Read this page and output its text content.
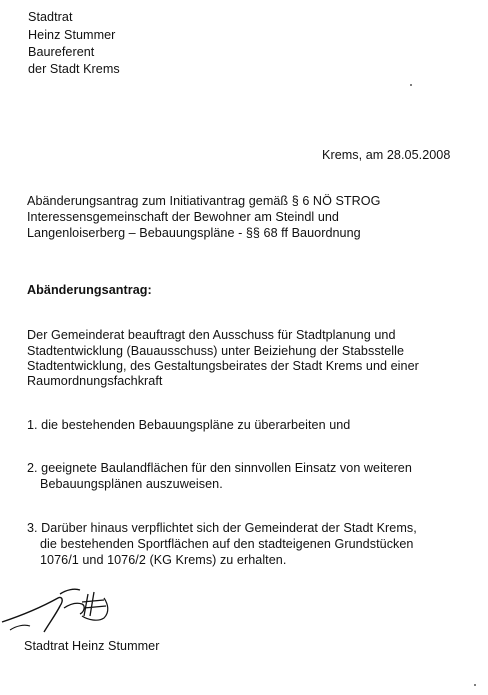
Stadtrat
Heinz Stummer
Baureferent
der Stadt Krems
Krems, am 28.05.2008
Abänderungsantrag zum Initiativantrag gemäß § 6 NÖ STROG
Interessensgemeinschaft der Bewohner am Steindl und
Langenloiserberg – Bebauungspläne - §§ 68 ff Bauordnung
Abänderungsantrag:
Der Gemeinderat beauftragt den Ausschuss für Stadtplanung und
Stadtentwicklung (Bauausschuss) unter Beiziehung der Stabsstelle
Stadtentwicklung, des Gestaltungsbeirates der Stadt Krems und einer
Raumordnungsfachkraft
1. die bestehenden Bebauungspläne zu überarbeiten und
2. geeignete Baulandflächen für den sinnvollen Einsatz von weiteren
Bebauungsplänen auszuweisen.
3. Darüber hinaus verpflichtet sich der Gemeinderat der Stadt Krems,
die bestehenden Sportflächen auf den stadteigenen Grundstücken
1076/1 und 1076/2 (KG Krems) zu erhalten.
Stadtrat Heinz Stummer
